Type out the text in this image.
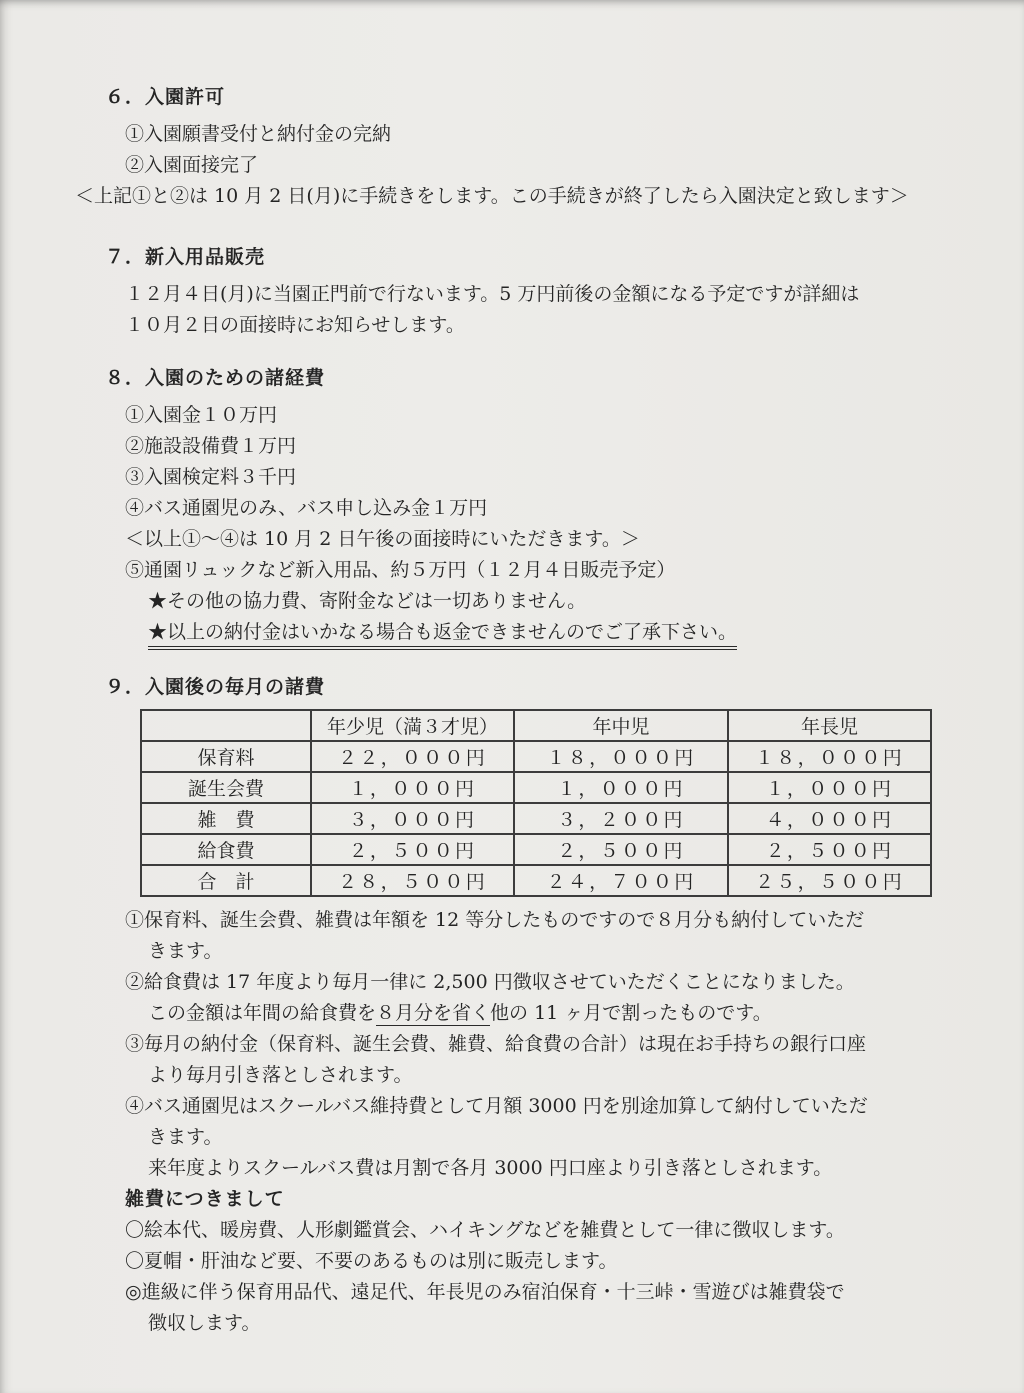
６．入園許可
①入園願書受付と納付金の完納
②入園面接完了
＜上記①と②は 10 月 2 日(月)に手続きをします。この手続きが終了したら入園決定と致します＞
７．新入用品販売
１２月４日(月)に当園正門前で行ないます。5 万円前後の金額になる予定ですが詳細は
１０月２日の面接時にお知らせします。
８．入園のための諸経費
①入園金１０万円
②施設設備費１万円
③入園検定料３千円
④バス通園児のみ、バス申し込み金１万円
＜以上①～④は 10 月 2 日午後の面接時にいただきます。＞
⑤通園リュックなど新入用品、約５万円（１２月４日販売予定）
★その他の協力費、寄附金などは一切ありません。
★以上の納付金はいかなる場合も返金できませんのでご了承下さい。
９．入園後の毎月の諸費
	年少児（満３才児）	年中児	年長児
保育料	２２，０００円	１８，０００円	１８，０００円
誕生会費	１，０００円	１，０００円	１，０００円
雑　費	３，０００円	３，２００円	４，０００円
給食費	２，５００円	２，５００円	２，５００円
合　計	２８，５００円	２４，７００円	２５，５００円
①保育料、誕生会費、雑費は年額を 12 等分したものですので８月分も納付していただ
きます。
②給食費は 17 年度より毎月一律に 2,500 円徴収させていただくことになりました。
この金額は年間の給食費を８月分を省く他の 11 ヶ月で割ったものです。
③毎月の納付金（保育料、誕生会費、雑費、給食費の合計）は現在お手持ちの銀行口座
より毎月引き落としされます。
④バス通園児はスクールバス維持費として月額 3000 円を別途加算して納付していただ
きます。
来年度よりスクールバス費は月割で各月 3000 円口座より引き落としされます。
雑費につきまして
〇絵本代、暖房費、人形劇鑑賞会、ハイキングなどを雑費として一律に徴収します。
〇夏帽・肝油など要、不要のあるものは別に販売します。
◎進級に伴う保育用品代、遠足代、年長児のみ宿泊保育・十三峠・雪遊びは雑費袋で
徴収します。
